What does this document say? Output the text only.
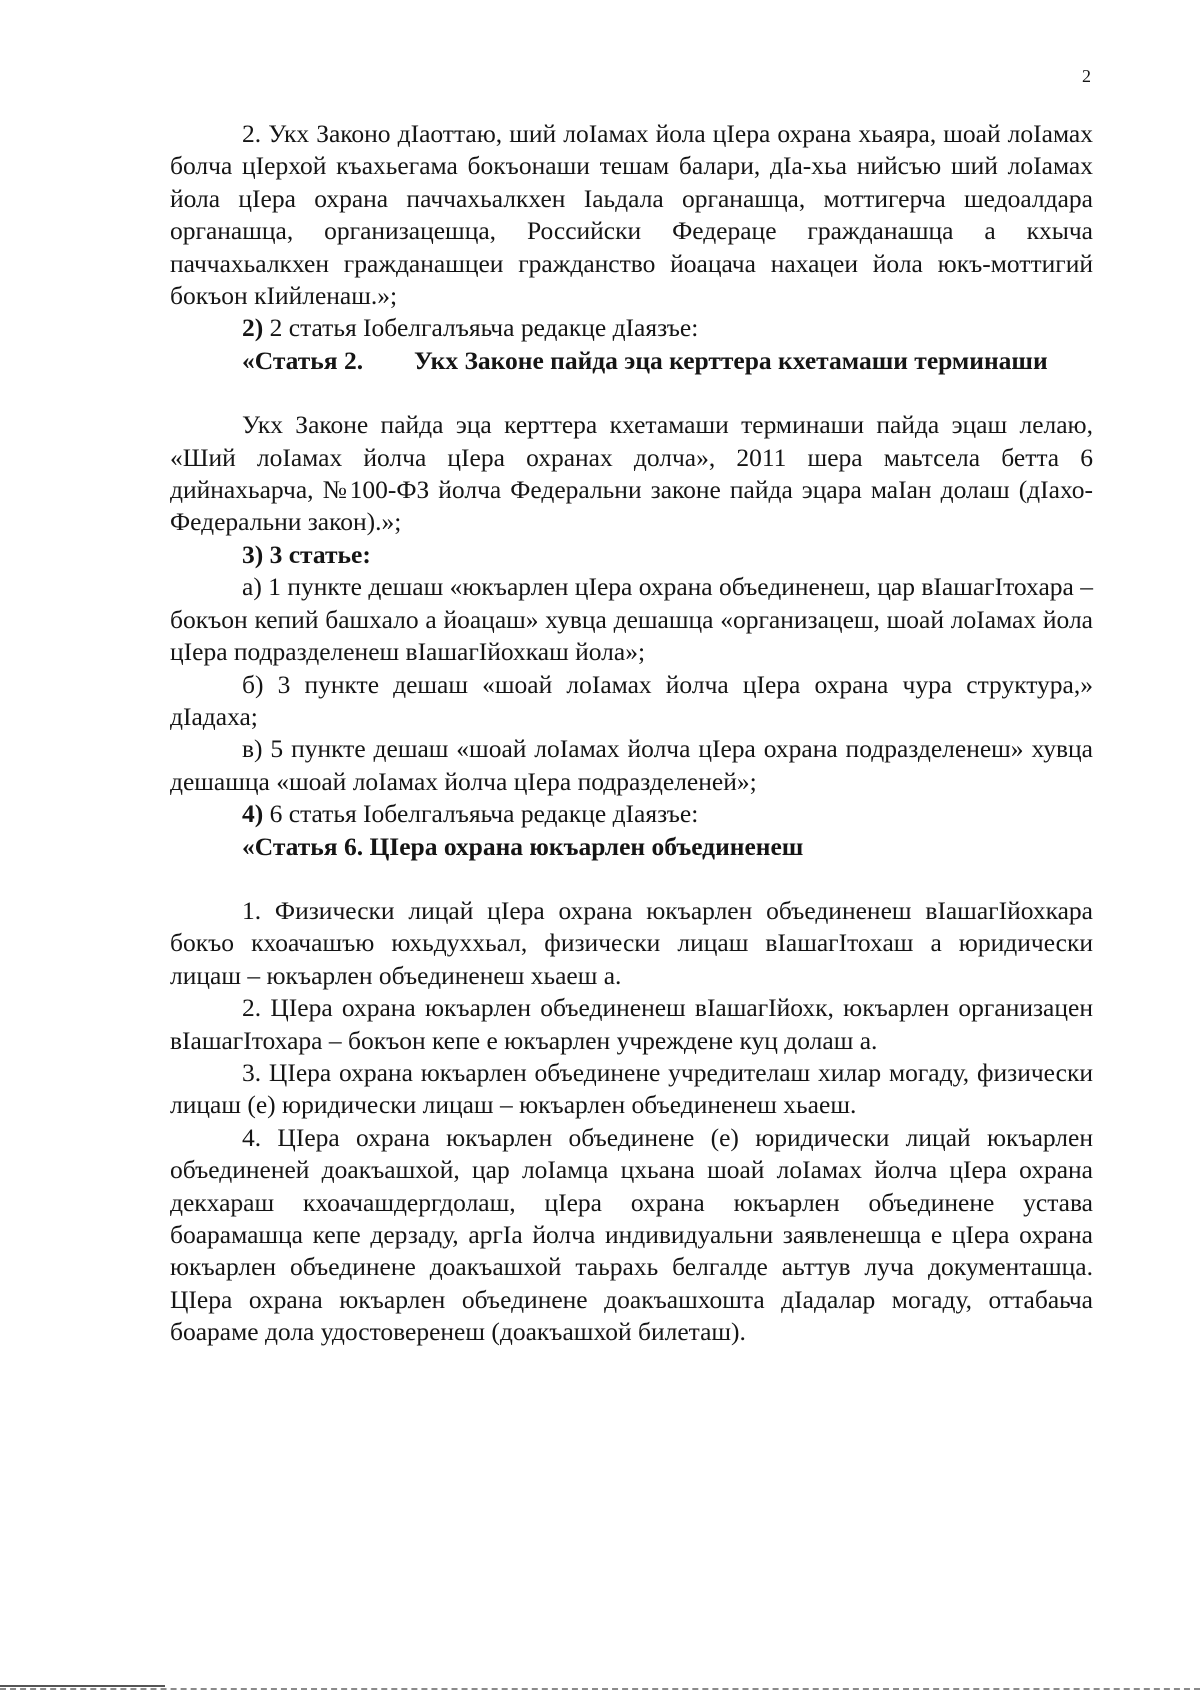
2

2. Укх Законо дIаоттаю, ший лоIамах йола цIера охрана хьаяра, шоай лоIамах болча цIерхой къахьегама бокъонаши тешам балари, дIа-хьа нийсъю ший лоIамах йола цIера охрана паччахьалкхен Iаьдала органашца, моттигерча шедоалдара органашца, организацешца, Российски Федераце гражданашца а кхыча паччахьалкхен гражданашцеи гражданство йоацача нахацеи йола юкъ-моттигий бокъон кIийленаш.»;

2) 2 статья Iобелгалъяьча редакце дIаязъе:

«Статья 2.	Укх Законе пайда эца керттера кхетамаши терминаши

Укх Законе пайда эца керттера кхетамаши терминаши пайда эцаш лелаю, «Ший лоIамах йолча цIера охранах долча», 2011 шера маьтсела бетта 6 дийнахьарча, №100-ФЗ йолча Федеральни законе пайда эцара маIан долаш (дIахо-Федеральни закон).»;

3) 3 статье:

а) 1 пункте дешаш «юкъарлен цIера охрана объединенеш, цар вIашагIтохара – бокъон кепий башхало а йоацаш» хувца дешашца «организацеш, шоай лоIамах йола цIера подразделенеш вIашагIйохкаш йола»;

б) 3 пункте дешаш «шоай лоIамах йолча цIера охрана чура структура,» дIадаха;

в) 5 пункте дешаш «шоай лоIамах йолча цIера охрана подразделенеш» хувца дешашца «шоай лоIамах йолча цIера подразделеней»;

4) 6 статья Iобелгалъяьча редакце дIаязъе:

«Статья 6. ЦIера охрана юкъарлен объединенеш

1. Физически лицай цIера охрана юкъарлен объединенеш вIашагIйохкара бокъо кхоачашъю юхьдуххьал, физически лицаш вIашагIтохаш а юридически лицаш – юкъарлен объединенеш хьаеш а.

2. ЦIера охрана юкъарлен объединенеш вIашагIйохк, юкъарлен организацен вIашагIтохара – бокъон кепе е юкъарлен учреждене куц долаш а.

3. ЦIера охрана юкъарлен объединене учредителаш хилар могаду, физически лицаш (е) юридически лицаш – юкъарлен объединенеш хьаеш.

4. ЦIера охрана юкъарлен объединене (е) юридически лицай юкъарлен объединеней доакъашхой, цар лоIамца цхьана шоай лоIамах йолча цIера охрана декхараш кхоачашдергдолаш, цIера охрана юкъарлен объединене устава боарамашца кепе дерзаду, аргIа йолча индивидуальни заявленешца е цIера охрана юкъарлен объединене доакъашхой таьрахь белгалде аьттув луча документашца. ЦIера охрана юкъарлен объединене доакъашхошта дIадалар могаду, оттабаьча боараме дола удостоверенеш (доакъашхой билеташ).
